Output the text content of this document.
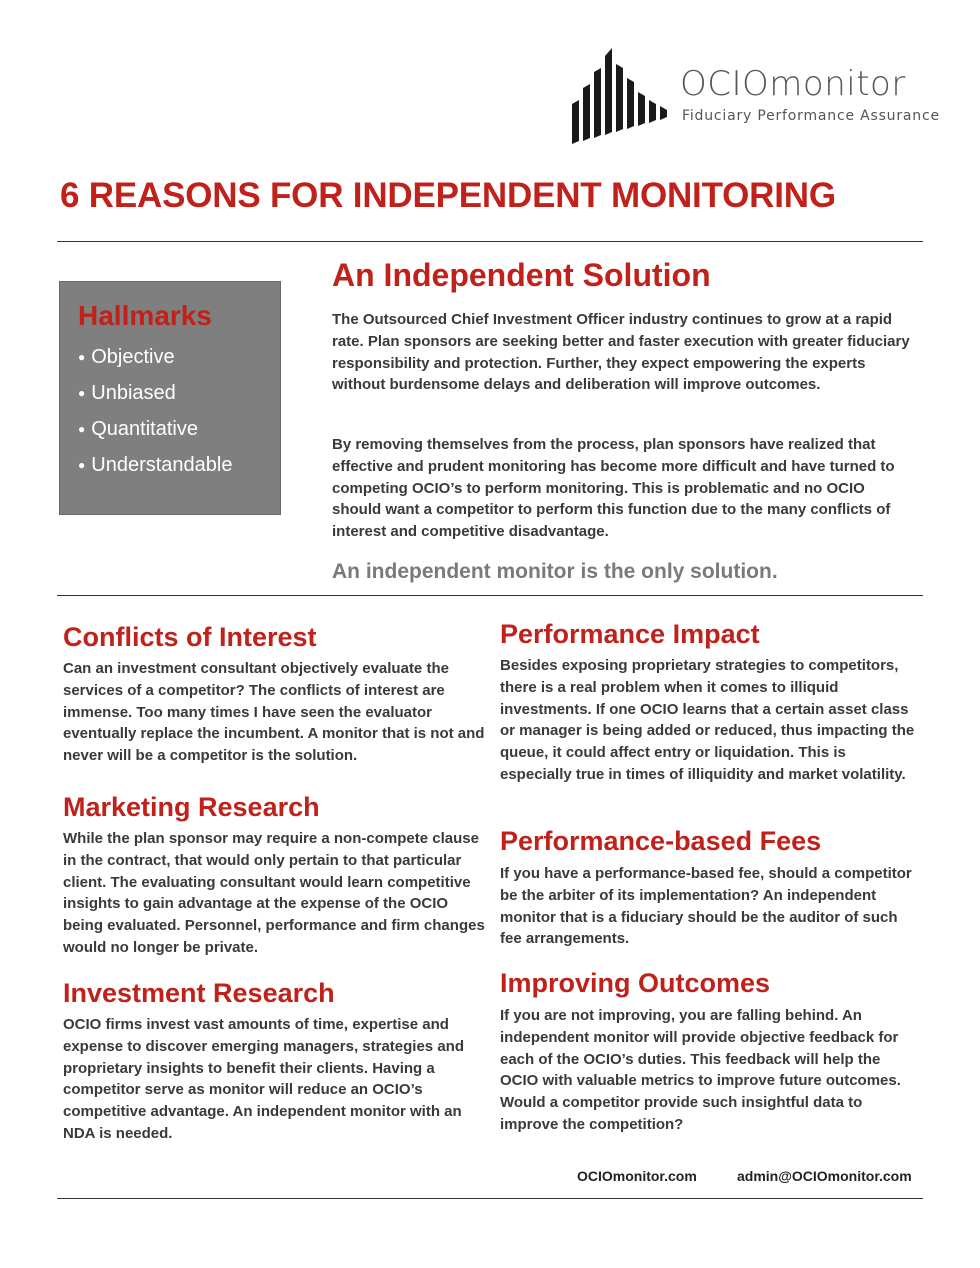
OCIOmonitor
Fiduciary Performance Assurance
6 REASONS FOR INDEPENDENT MONITORING
Hallmarks
● Objective
● Unbiased
● Quantitative
● Understandable
An Independent Solution
The Outsourced Chief Investment Officer industry continues to grow at a rapid rate. Plan sponsors are seeking better and faster execution with greater fiduciary responsibility and protection. Further, they expect empowering the experts without burdensome delays and deliberation will improve outcomes.
By removing themselves from the process, plan sponsors have realized that effective and prudent monitoring has become more difficult and have turned to competing OCIO’s to perform monitoring. This is problematic and no OCIO should want a competitor to perform this function due to the many conflicts of interest and competitive disadvantage.
An independent monitor is the only solution.
Conflicts of Interest
Can an investment consultant objectively evaluate the services of a competitor? The conflicts of interest are immense. Too many times I have seen the evaluator eventually replace the incumbent. A monitor that is not and never will be a competitor is the solution.
Marketing Research
While the plan sponsor may require a non-compete clause in the contract, that would only pertain to that particular client. The evaluating consultant would learn competitive insights to gain advantage at the expense of the OCIO being evaluated. Personnel, performance and firm changes would no longer be private.
Investment Research
OCIO firms invest vast amounts of time, expertise and expense to discover emerging managers, strategies and proprietary insights to benefit their clients. Having a competitor serve as monitor will reduce an OCIO’s competitive advantage. An independent monitor with an NDA is needed.
Performance Impact
Besides exposing proprietary strategies to competitors, there is a real problem when it comes to illiquid investments. If one OCIO learns that a certain asset class or manager is being added or reduced, thus impacting the queue, it could affect entry or liquidation. This is especially true in times of illiquidity and market volatility.
Performance-based Fees
If you have a performance-based fee, should a competitor be the arbiter of its implementation? An independent monitor that is a fiduciary should be the auditor of such fee arrangements.
Improving Outcomes
If you are not improving, you are falling behind. An independent monitor will provide objective feedback for each of the OCIO’s duties. This feedback will help the OCIO with valuable metrics to improve future outcomes. Would a competitor provide such insightful data to improve the competition?
OCIOmonitor.com	admin@OCIOmonitor.com
